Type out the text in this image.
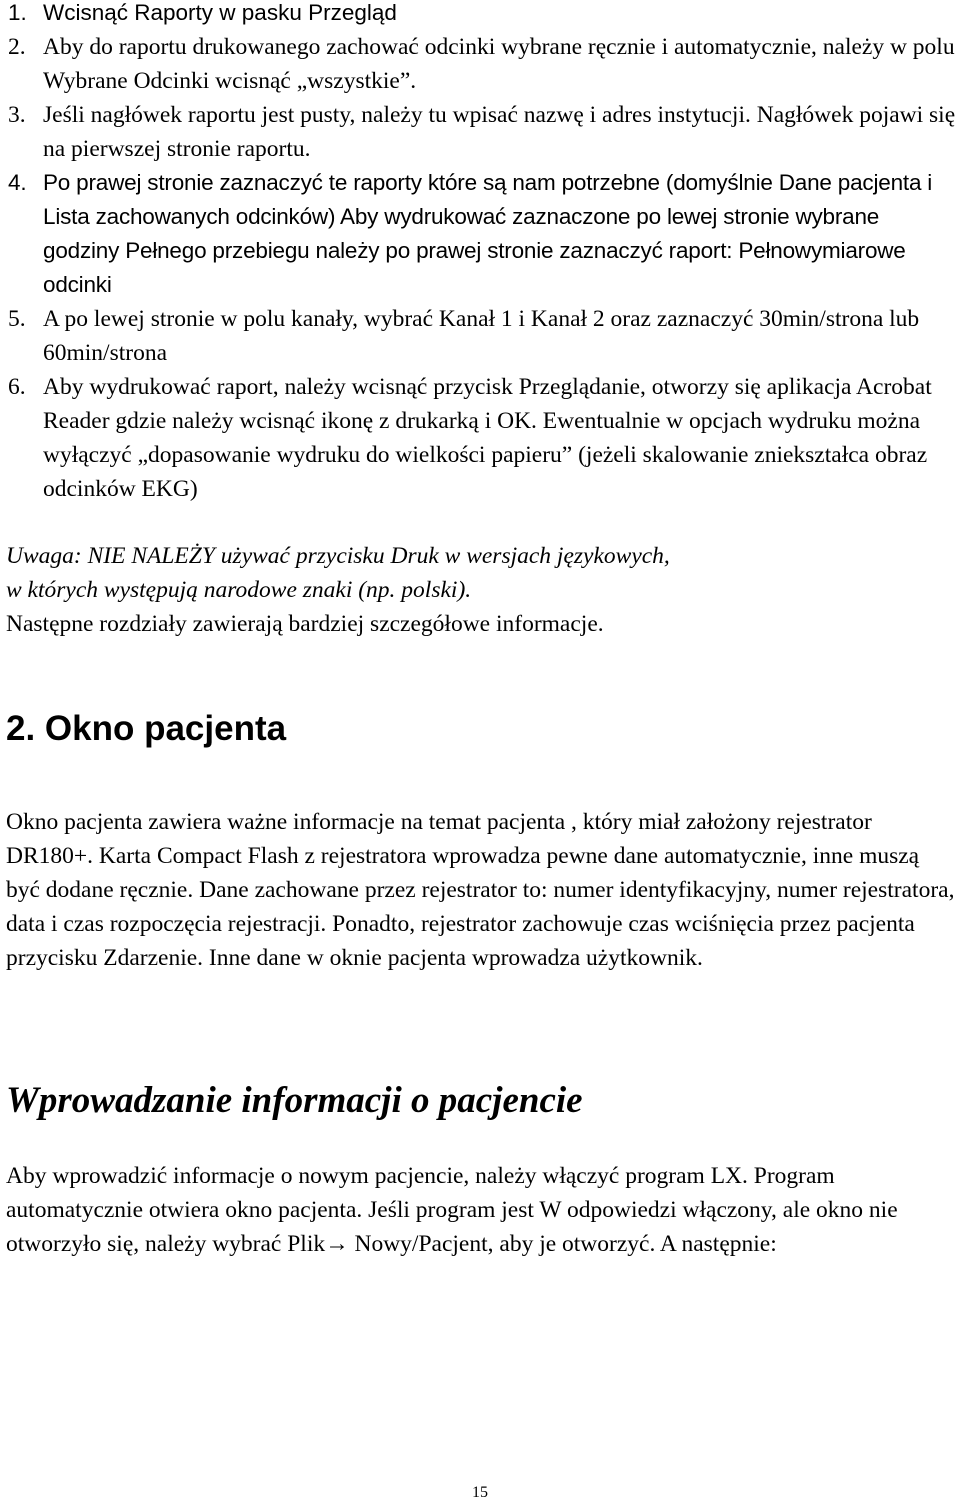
1. Wcisnąć Raporty w pasku Przegląd
2. Aby do raportu drukowanego zachować odcinki wybrane ręcznie i automatycznie, należy w polu Wybrane Odcinki wcisnąć „wszystkie”.
3. Jeśli nagłówek raportu jest pusty, należy tu wpisać nazwę i adres instytucji. Nagłówek pojawi się na pierwszej stronie raportu.
4. Po prawej stronie zaznaczyć te raporty które są nam potrzebne (domyślnie Dane pacjenta i Lista zachowanych odcinków) Aby wydrukować zaznaczone po lewej stronie wybrane godziny Pełnego przebiegu należy po prawej stronie zaznaczyć raport: Pełnowymiarowe odcinki
5. A po lewej stronie w polu kanały, wybrać Kanał 1 i Kanał 2 oraz zaznaczyć 30min/strona lub 60min/strona
6. Aby wydrukować raport, należy wcisnąć przycisk Przeglądanie, otworzy się aplikacja Acrobat Reader gdzie należy wcisnąć ikonę z drukarką i OK. Ewentualnie w opcjach wydruku można wyłączyć „dopasowanie wydruku do wielkości papieru” (jeżeli skalowanie zniekształca obraz odcinków EKG)
Uwaga: NIE NALEŻY używać przycisku Druk w wersjach językowych,
w których występują narodowe znaki (np. polski).
Następne rozdziały zawierają bardziej szczegółowe informacje.
2. Okno pacjenta
Okno pacjenta zawiera ważne informacje na temat pacjenta , który miał założony rejestrator DR180+. Karta Compact Flash z rejestratora wprowadza pewne dane automatycznie, inne muszą być dodane ręcznie. Dane zachowane przez rejestrator to: numer identyfikacyjny, numer rejestratora, data i czas rozpoczęcia rejestracji. Ponadto, rejestrator zachowuje czas wciśnięcia przez pacjenta przycisku Zdarzenie. Inne dane w oknie pacjenta wprowadza użytkownik.
Wprowadzanie informacji o pacjencie
Aby wprowadzić informacje o nowym pacjencie, należy włączyć program LX. Program automatycznie otwiera okno pacjenta. Jeśli program jest W odpowiedzi włączony, ale okno nie otworzyło się, należy wybrać Plik→ Nowy/Pacjent, aby je otworzyć. A następnie:
15
